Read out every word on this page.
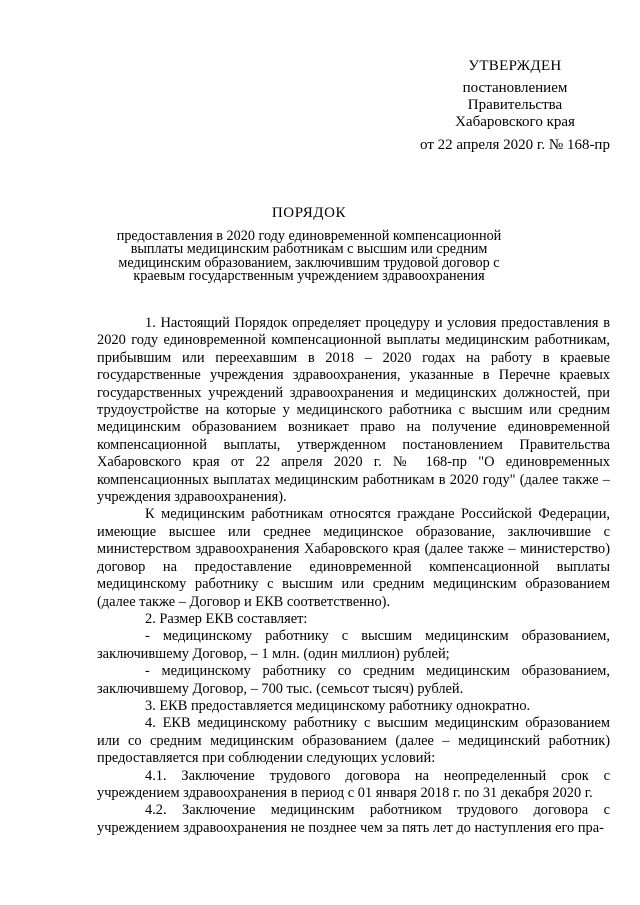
УТВЕРЖДЕН
постановлением
Правительства
Хабаровского края
от 22 апреля 2020 г. № 168-пр
ПОРЯДОК
предоставления в 2020 году единовременной компенсационной выплаты медицинским работникам с высшим или средним медицинским образованием, заключившим трудовой договор с краевым государственным учреждением здравоохранения

1. Настоящий Порядок определяет процедуру и условия предоставления в 2020 году единовременной компенсационной выплаты медицинским работникам, прибывшим или переехавшим в 2018 – 2020 годах на работу в краевые государственные учреждения здравоохранения, указанные в Перечне краевых государственных учреждений здравоохранения и медицинских должностей, при трудоустройстве на которые у медицинского работника с высшим или средним медицинским образованием возникает право на получение единовременной компенсационной выплаты, утвержденном постановлением Правительства Хабаровского края от 22 апреля 2020 г. № 168-пр "О единовременных компенсационных выплатах медицинским работникам в 2020 году" (далее также – учреждения здравоохранения).

К медицинским работникам относятся граждане Российской Федерации, имеющие высшее или среднее медицинское образование, заключившие с министерством здравоохранения Хабаровского края (далее также – министерство) договор на предоставление единовременной компенсационной выплаты медицинскому работнику с высшим или средним медицинским образованием (далее также – Договор и ЕКВ соответственно).

2. Размер ЕКВ составляет:

- медицинскому работнику с высшим медицинским образованием, заключившему Договор, – 1 млн. (один миллион) рублей;

- медицинскому работнику со средним медицинским образованием, заключившему Договор, – 700 тыс. (семьсот тысяч) рублей.

3. ЕКВ предоставляется медицинскому работнику однократно.

4. ЕКВ медицинскому работнику с высшим медицинским образованием или со средним медицинским образованием (далее – медицинский работник) предоставляется при соблюдении следующих условий:

4.1. Заключение трудового договора на неопределенный срок с учреждением здравоохранения в период с 01 января 2018 г. по 31 декабря 2020 г.

4.2. Заключение медицинским работником трудового договора с учреждением здравоохранения не позднее чем за пять лет до наступления его пра-
